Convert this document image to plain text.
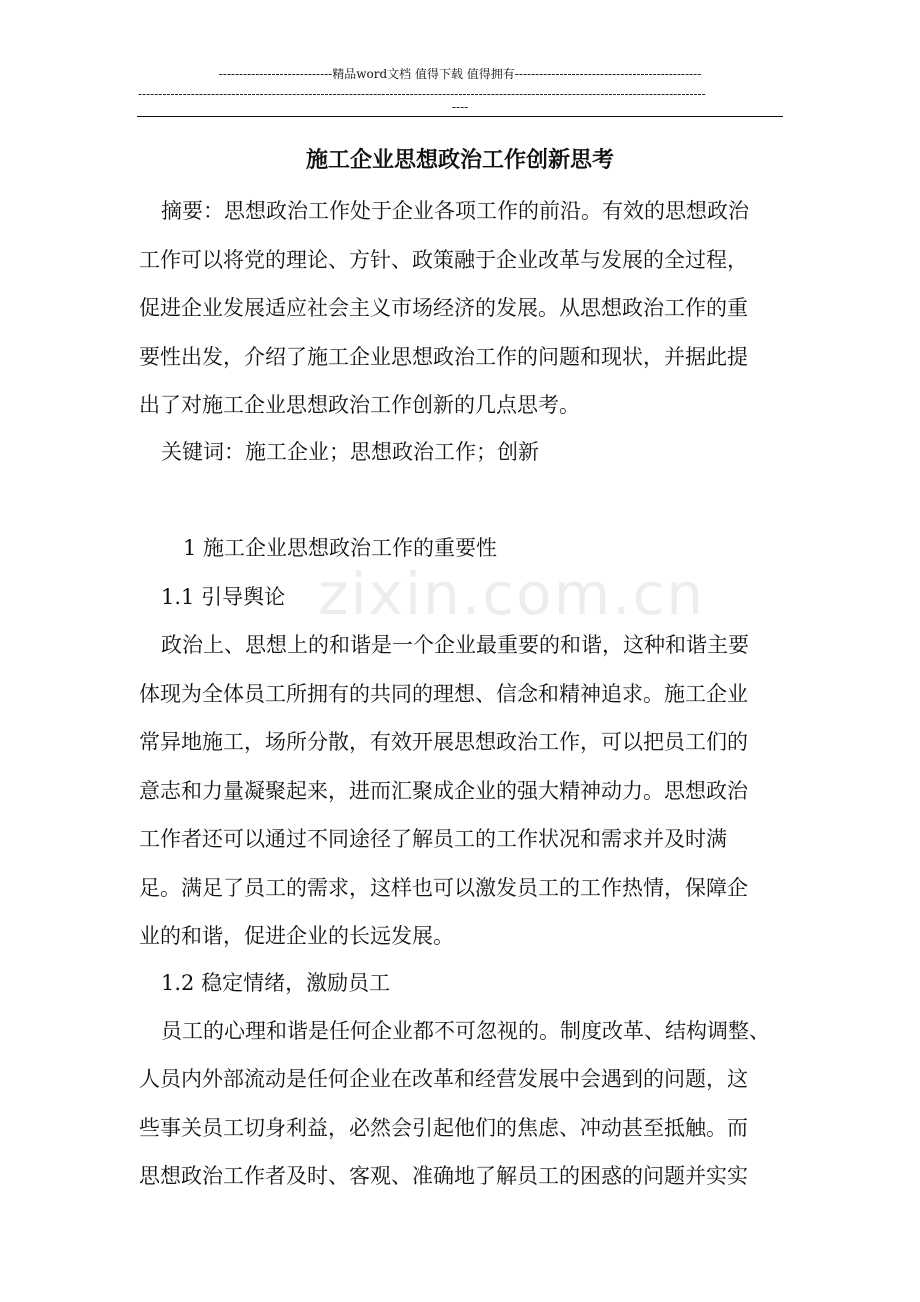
----------------------------精品word文档 值得下载 值得拥有----------------------------------------------
--------------------------------------------------------------------------------------------------------------------------------------------
----
zixin.com.cn
施工企业思想政治工作创新思考
摘要：思想政治工作处于企业各项工作的前沿。有效的思想政治
工作可以将党的理论、方针、政策融于企业改革与发展的全过程，
促进企业发展适应社会主义市场经济的发展。从思想政治工作的重
要性出发，介绍了施工企业思想政治工作的问题和现状，并据此提
出了对施工企业思想政治工作创新的几点思考。
关键词：施工企业；思想政治工作；创新
1 施工企业思想政治工作的重要性
1.1 引导舆论
政治上、思想上的和谐是一个企业最重要的和谐，这种和谐主要
体现为全体员工所拥有的共同的理想、信念和精神追求。施工企业
常异地施工，场所分散，有效开展思想政治工作，可以把员工们的
意志和力量凝聚起来，进而汇聚成企业的强大精神动力。思想政治
工作者还可以通过不同途径了解员工的工作状况和需求并及时满
足。满足了员工的需求，这样也可以激发员工的工作热情，保障企
业的和谐，促进企业的长远发展。
1.2 稳定情绪，激励员工
员工的心理和谐是任何企业都不可忽视的。制度改革、结构调整、
人员内外部流动是任何企业在改革和经营发展中会遇到的问题，这
些事关员工切身利益，必然会引起他们的焦虑、冲动甚至抵触。而
思想政治工作者及时、客观、准确地了解员工的困惑的问题并实实
